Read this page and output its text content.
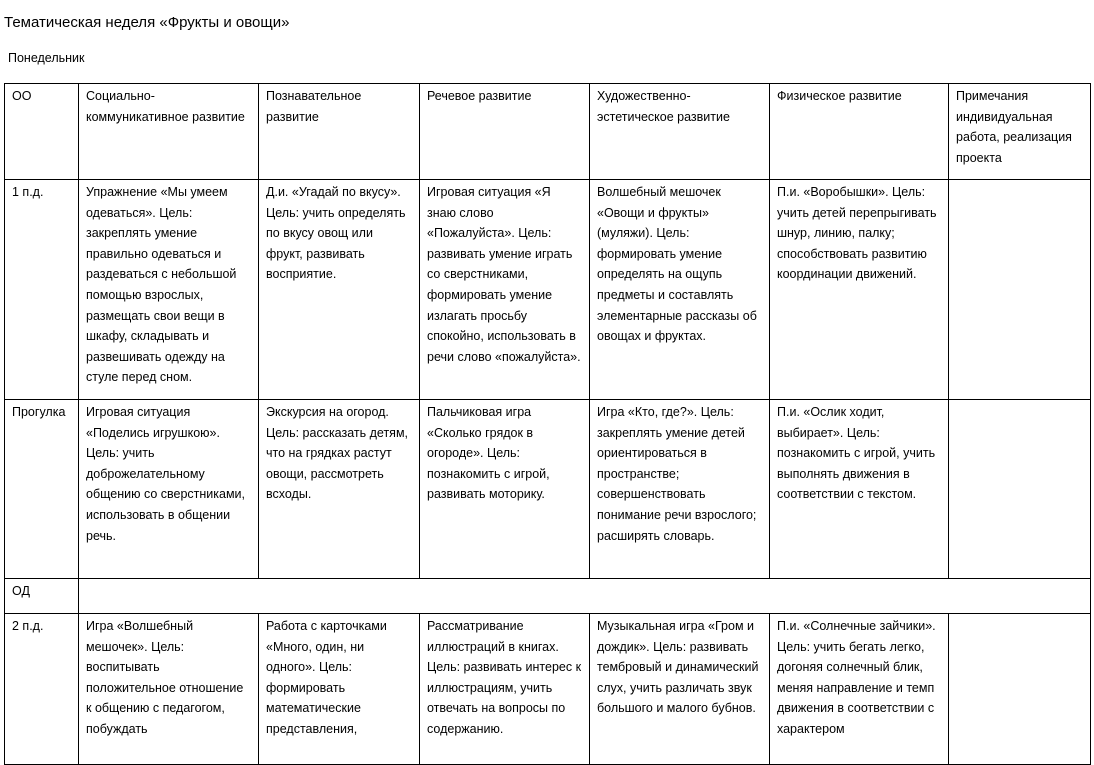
Тематическая неделя «Фрукты и овощи»
Понедельник
ОО	Социально-коммуникативное развитие	Познавательное развитие	Речевое развитие	Художественно-эстетическое развитие	Физическое развитие	Примечания индивидуальная работа, реализация проекта
1 п.д.	Упражнение «Мы умеем одеваться». Цель: закреплять умение правильно одеваться и раздеваться с небольшой помощью взрослых, размещать свои вещи в шкафу, складывать и развешивать одежду на стуле перед сном.	Д.и. «Угадай по вкусу». Цель: учить определять по вкусу овощ или фрукт, развивать восприятие.	Игровая ситуация «Я знаю слово «Пожалуйста». Цель: развивать умение играть со сверстниками, формировать умение излагать просьбу спокойно, использовать в речи слово «пожалуйста».	Волшебный мешочек «Овощи и фрукты» (муляжи). Цель: формировать умение определять на ощупь предметы и составлять элементарные рассказы об овощах и фруктах.	П.и. «Воробышки». Цель: учить детей перепрыгивать шнур, линию, палку; способствовать развитию координации движений.	
Прогулка	Игровая ситуация «Поделись игрушкою». Цель: учить доброжелательному общению со сверстниками, использовать в общении речь.	Экскурсия на огород. Цель: рассказать детям, что на грядках растут овощи, рассмотреть всходы.	Пальчиковая игра «Сколько грядок в огороде». Цель: познакомить с игрой, развивать моторику.	Игра «Кто, где?». Цель: закреплять умение детей ориентироваться в пространстве; совершенствовать понимание речи взрослого; расширять словарь.	П.и. «Ослик ходит, выбирает». Цель: познакомить с игрой, учить выполнять движения в соответствии с текстом.	
ОД						

2 п.д.	Игра «Волшебный мешочек». Цель: воспитывать положительное отношение к общению с педагогом, побуждать	Работа с карточками «Много, один, ни одного». Цель: формировать математические представления,	Рассматривание иллюстраций в книгах. Цель: развивать интерес к иллюстрациям, учить отвечать на вопросы по содержанию.	Музыкальная игра «Гром и дождик». Цель: развивать тембровый и динамический слух, учить различать звук большого и малого бубнов.	П.и. «Солнечные зайчики». Цель: учить бегать легко, догоняя солнечный блик, меняя направление и темп движения в соответствии с характером	
